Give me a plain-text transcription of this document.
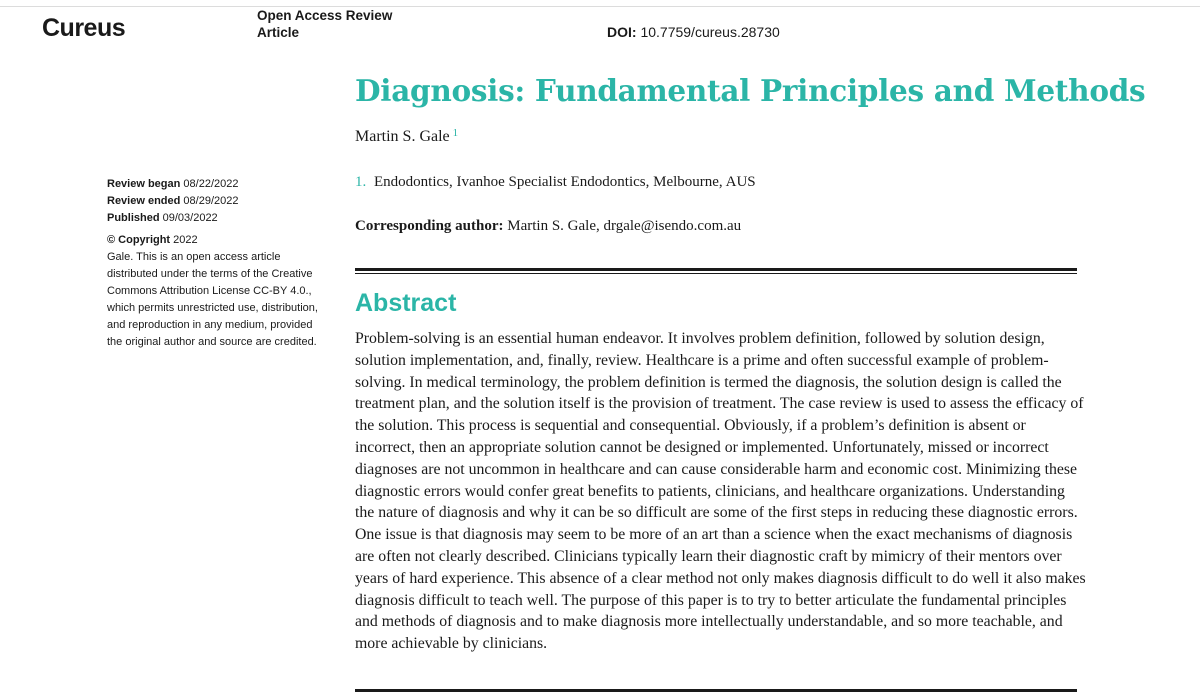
Cureus	Open Access Review Article	DOI: 10.7759/cureus.28730
Diagnosis: Fundamental Principles and Methods
Martin S. Gale $^1$
1. Endodontics, Ivanhoe Specialist Endodontics, Melbourne, AUS
Corresponding author: Martin S. Gale, drgale@isendo.com.au
Review began 08/22/2022
Review ended 08/29/2022
Published 09/03/2022
© Copyright 2022
Gale. This is an open access article distributed under the terms of the Creative Commons Attribution License CC-BY 4.0., which permits unrestricted use, distribution, and reproduction in any medium, provided the original author and source are credited.
Abstract

Problem-solving is an essential human endeavor. It involves problem definition, followed by solution design, solution implementation, and, finally, review. Healthcare is a prime and often successful example of problem-solving. In medical terminology, the problem definition is termed the diagnosis, the solution design is called the treatment plan, and the solution itself is the provision of treatment. The case review is used to assess the efficacy of the solution. This process is sequential and consequential. Obviously, if a problem’s definition is absent or incorrect, then an appropriate solution cannot be designed or implemented. Unfortunately, missed or incorrect diagnoses are not uncommon in healthcare and can cause considerable harm and economic cost. Minimizing these diagnostic errors would confer great benefits to patients, clinicians, and healthcare organizations. Understanding the nature of diagnosis and why it can be so difficult are some of the first steps in reducing these diagnostic errors. One issue is that diagnosis may seem to be more of an art than a science when the exact mechanisms of diagnosis are often not clearly described. Clinicians typically learn their diagnostic craft by mimicry of their mentors over years of hard experience. This absence of a clear method not only makes diagnosis difficult to do well it also makes diagnosis difficult to teach well. The purpose of this paper is to try to better articulate the fundamental principles and methods of diagnosis and to make diagnosis more intellectually understandable, and so more teachable, and more achievable by clinicians.
